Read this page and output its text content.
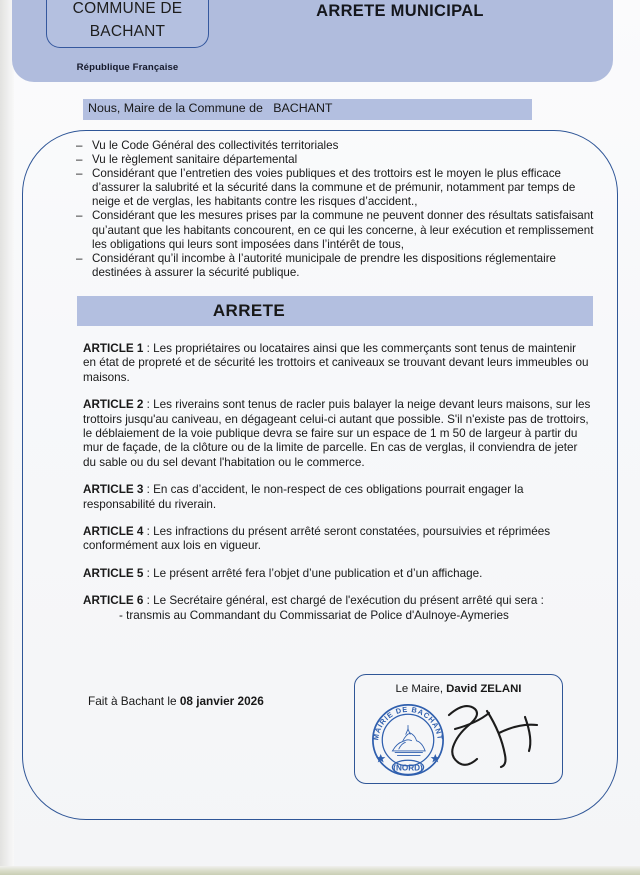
COMMUNE DE
BACHANT
République Française
ARRETE MUNICIPAL
Nous, Maire de la Commune de   BACHANT
– Vu le Code Général des collectivités territoriales
– Vu le règlement sanitaire départemental
– Considérant que l’entretien des voies publiques et des trottoirs est le moyen le plus efficace d’assurer la salubrité et la sécurité dans la commune et de prémunir, notamment par temps de neige et de verglas, les habitants contre les risques d’accident.,
– Considérant que les mesures prises par la commune ne peuvent donner des résultats satisfaisant qu’autant que les habitants concourent, en ce qui les concerne, à leur exécution et remplissement les obligations qui leurs sont imposées dans l’intérêt de tous,
– Considérant qu’il incombe à l’autorité municipale de prendre les dispositions réglementaire destinées à assurer la sécurité publique.
ARRETE
ARTICLE 1 : Les propriétaires ou locataires ainsi que les commerçants sont tenus de maintenir en état de propreté et de sécurité les trottoirs et caniveaux se trouvant devant leurs immeubles ou maisons.
ARTICLE 2 : Les riverains sont tenus de racler puis balayer la neige devant leurs maisons, sur les trottoirs jusqu'au caniveau, en dégageant celui-ci autant que possible. S'il n'existe pas de trottoirs, le déblaiement de la voie publique devra se faire sur un espace de 1 m 50 de largeur à partir du mur de façade, de la clôture ou de la limite de parcelle. En cas de verglas, il conviendra de jeter du sable ou du sel devant l'habitation ou le commerce.
ARTICLE 3 : En cas d’accident, le non-respect de ces obligations pourrait engager la responsabilité du riverain.
ARTICLE 4 : Les infractions du présent arrêté seront constatées, poursuivies et réprimées conformément aux lois en vigueur.
ARTICLE 5 : Le présent arrêté fera l’objet d’une publication et d’un affichage.
ARTICLE 6 : Le Secrétaire général, est chargé de l'exécution du présent arrêté qui sera :
- transmis au Commandant du Commissariat de Police d'Aulnoye-Aymeries
Fait à Bachant le 08 janvier 2026
Le Maire, David ZELANI
MAIRIE DE BACHANT
(NORD)
